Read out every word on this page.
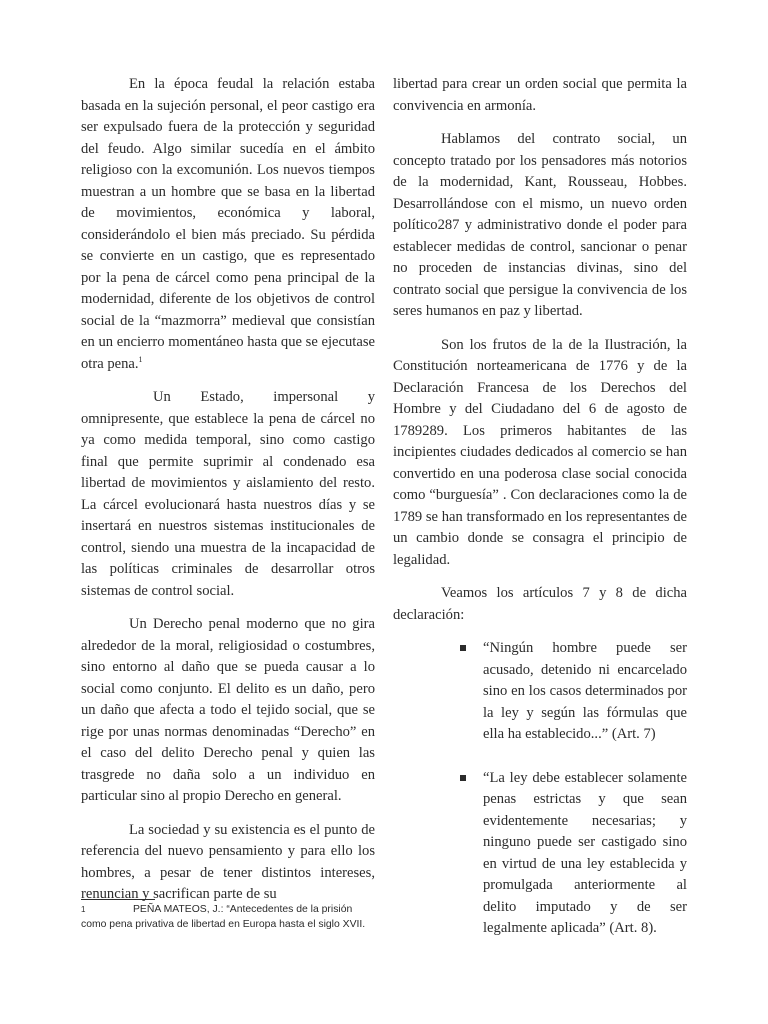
En la época feudal la relación estaba basada en la sujeción personal, el peor castigo era ser expulsado fuera de la protección y seguridad del feudo. Algo similar sucedía en el ámbito religioso con la excomunión. Los nuevos tiempos muestran a un hombre que se basa en la libertad de movimientos, económica y laboral, considerándolo el bien más preciado. Su pérdida se convierte en un castigo, que es representado por la pena de cárcel como pena principal de la modernidad, diferente de los objetivos de control social de la “mazmorra” medieval que consistían en un encierro momentáneo hasta que se ejecutase otra pena.$^1$

Un Estado, impersonal y omnipresente, que establece la pena de cárcel no ya como medida temporal, sino como castigo final que permite suprimir al condenado esa libertad de movimientos y aislamiento del resto. La cárcel evolucionará hasta nuestros días y se insertará en nuestros sistemas institucionales de control, siendo una muestra de la incapacidad de las políticas criminales de desarrollar otros sistemas de control social.

Un Derecho penal moderno que no gira alrededor de la moral, religiosidad o costumbres, sino entorno al daño que se pueda causar a lo social como conjunto. El delito es un daño, pero un daño que afecta a todo el tejido social, que se rige por unas normas denominadas “Derecho” en el caso del delito Derecho penal y quien las trasgrede no daña solo a un individuo en particular sino al propio Derecho en general.

La sociedad y su existencia es el punto de referencia del nuevo pensamiento y para ello los hombres, a pesar de tener distintos intereses, renuncian y sacrifican parte de su

libertad para crear un orden social que permita la convivencia en armonía.

Hablamos del contrato social, un concepto tratado por los pensadores más notorios de la modernidad, Kant, Rousseau, Hobbes. Desarrollándose con el mismo, un nuevo orden político287 y administrativo donde el poder para establecer medidas de control, sancionar o penar no proceden de instancias divinas, sino del contrato social que persigue la convivencia de los seres humanos en paz y libertad.

Son los frutos de la de la Ilustración, la Constitución norteamericana de 1776 y de la Declaración Francesa de los Derechos del Hombre y del Ciudadano del 6 de agosto de 1789289. Los primeros habitantes de las incipientes ciudades dedicados al comercio se han convertido en una poderosa clase social conocida como “burguesía” . Con declaraciones como la de 1789 se han transformado en los representantes de un cambio donde se consagra el principio de legalidad.

Veamos los artículos 7 y 8 de dicha declaración:

“Ningún hombre puede ser acusado, detenido ni encarcelado sino en los casos determinados por la ley y según las fórmulas que ella ha establecido...” (Art. 7)
“La ley debe establecer solamente penas estrictas y que sean evidentemente necesarias; y ninguno puede ser castigado sino en virtud de una ley establecida y promulgada anteriormente al delito imputado y de ser legalmente aplicada” (Art. 8).
1	PEÑA MATEOS, J.: “Antecedentes de la prisión como pena privativa de libertad en Europa hasta el siglo XVII.
